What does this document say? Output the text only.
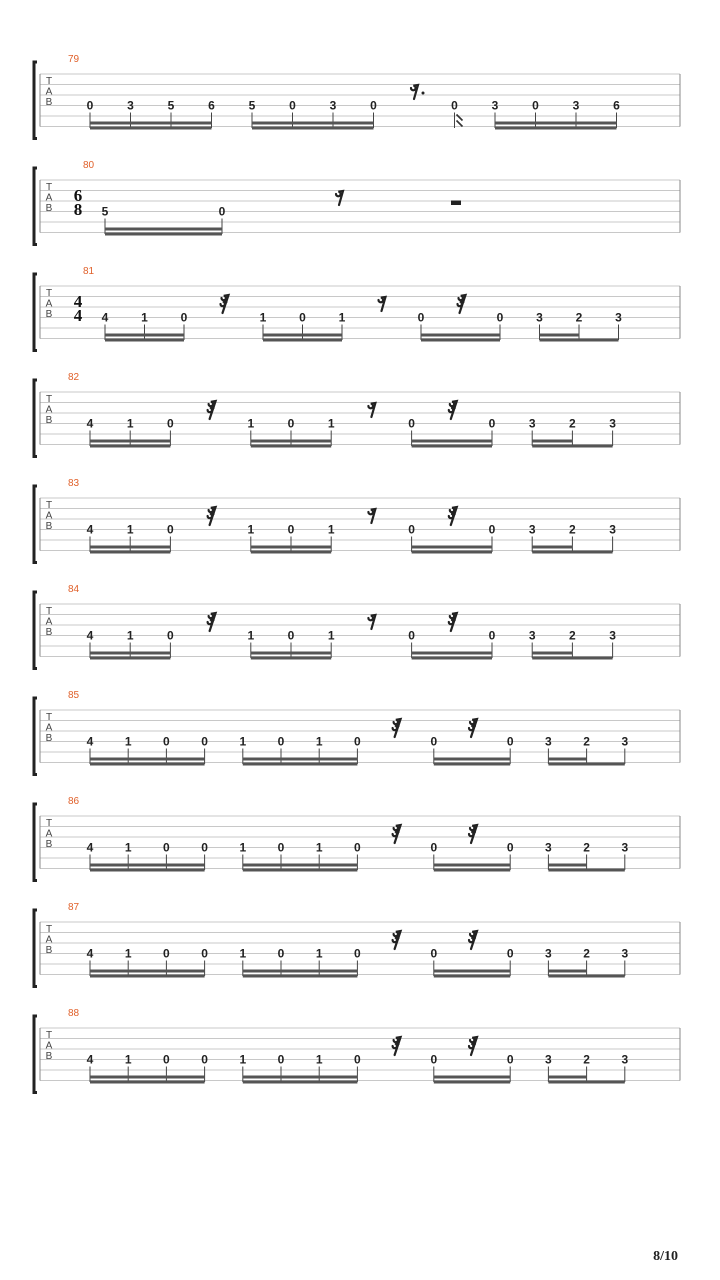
T
A
B
79
0	3	5	6	5	0	3	0	0	3	0	3	6
T
A
B
80
6
8 5	0
T
A
B
81
4
4 4	1	0	1	0	1	0	0	3	2	3
T
A
B
82
4	1	0	1	0	1	0	0	3	2	3
T
A
B
83
4	1	0	1	0	1	0	0	3	2	3
T
A
B
84
4	1	0	1	0	1	0	0	3	2	3
T
A
B
85
4	1	0	0	1	0	1	0	0	0	3	2	3
T
A
B
86
4	1	0	0	1	0	1	0	0	0	3	2	3
T
A
B
87
4	1	0	0	1	0	1	0	0	0	3	2	3
T
A
B
88
4	1	0	0	1	0	1	0	0	0	3	2	3
8/10
